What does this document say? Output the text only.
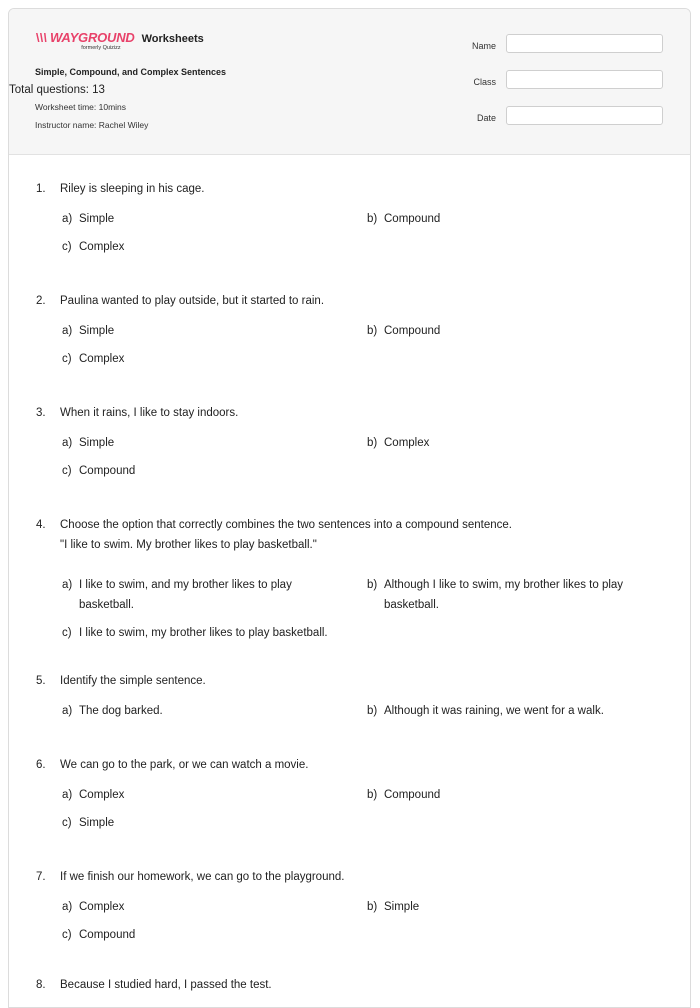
WAYGROUND
formerly Quizizz
Worksheets
Simple, Compound, and Complex Sentences
Total questions: 13
Worksheet time: 10mins
Instructor name: Rachel Wiley
Name
Class
Date
1. Riley is sleeping in his cage.
a) Simple	b) Compound
c) Complex
2. Paulina wanted to play outside, but it started to rain.
a) Simple	b) Compound
c) Complex
3. When it rains, I like to stay indoors.
a) Simple	b) Complex
c) Compound
4. Choose the option that correctly combines the two sentences into a compound sentence.
"I like to swim. My brother likes to play basketball."
a) I like to swim, and my brother likes to play basketball.
b) Although I like to swim, my brother likes to play basketball.
c) I like to swim, my brother likes to play basketball.
5. Identify the simple sentence.
a) The dog barked.	b) Although it was raining, we went for a walk.
6. We can go to the park, or we can watch a movie.
a) Complex	b) Compound
c) Simple
7. If we finish our homework, we can go to the playground.
a) Complex	b) Simple
c) Compound
8. Because I studied hard, I passed the test.
